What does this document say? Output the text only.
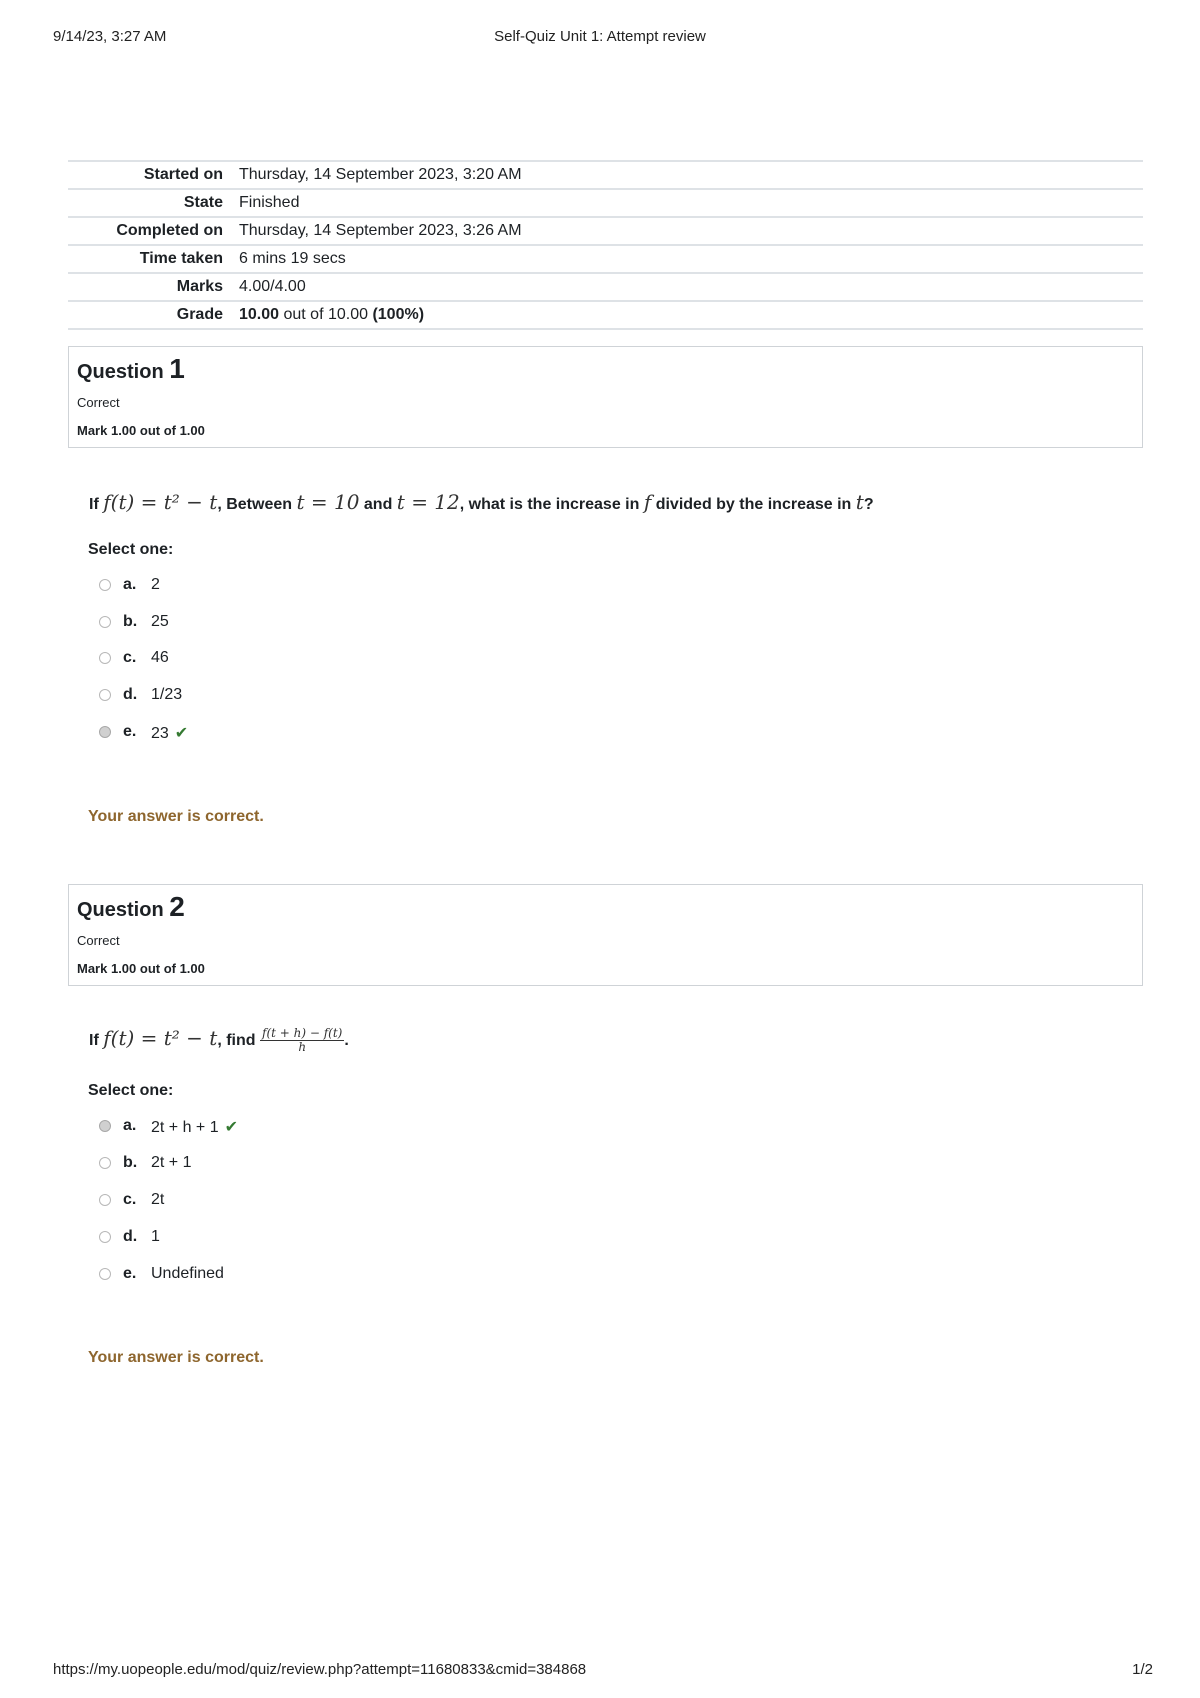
9/14/23, 3:27 AM	Self-Quiz Unit 1: Attempt review
Started on	Thursday, 14 September 2023, 3:20 AM
State	Finished
Completed on	Thursday, 14 September 2023, 3:26 AM
Time taken	6 mins 19 secs
Marks	4.00/4.00
Grade	10.00 out of 10.00 (100%)
Question 1
Correct
Mark 1.00 out of 1.00
If f(t) = t² − t, Between t = 10 and t = 12, what is the increase in f divided by the increase in t?
Select one:
a. 2
b. 25
c. 46
d. 1/23
e. 23 ✔
Your answer is correct.
Question 2
Correct
Mark 1.00 out of 1.00
If f(t) = t² − t, find $\frac{f(t + h) - f(t)}{h}$ .
Select one:
a. 2t + h + 1 ✔
b. 2t + 1
c. 2t
d. 1
e. Undefined
Your answer is correct.
https://my.uopeople.edu/mod/quiz/review.php?attempt=11680833&cmid=384868	1/2
